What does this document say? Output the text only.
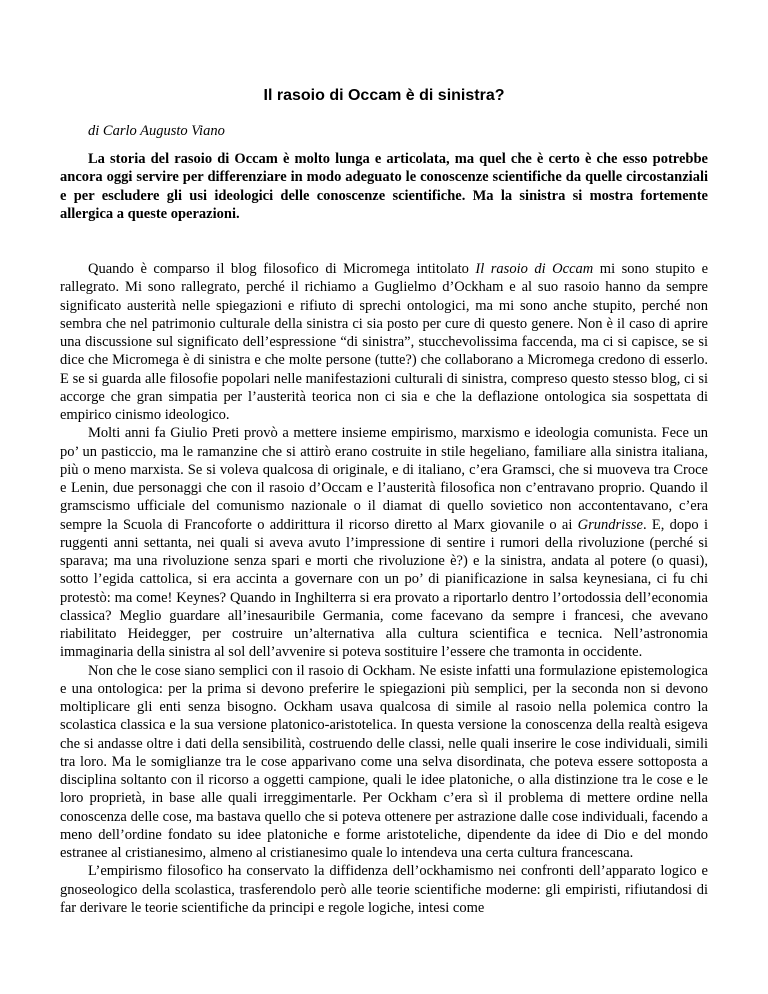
Il rasoio di Occam è di sinistra?
di Carlo Augusto Viano

La storia del rasoio di Occam è molto lunga e articolata, ma quel che è certo è che esso potrebbe ancora oggi servire per differenziare in modo adeguato le conoscenze scientifiche da quelle circostanziali e per escludere gli usi ideologici delle conoscenze scientifiche. Ma la sinistra si mostra fortemente allergica a queste operazioni.

Quando è comparso il blog filosofico di Micromega intitolato Il rasoio di Occam mi sono stupito e rallegrato. Mi sono rallegrato, perché il richiamo a Guglielmo d’Ockham e al suo rasoio hanno da sempre significato austerità nelle spiegazioni e rifiuto di sprechi ontologici, ma mi sono anche stupito, perché non sembra che nel patrimonio culturale della sinistra ci sia posto per cure di questo genere. Non è il caso di aprire una discussione sul significato dell’espressione “di sinistra”, stucchevolissima faccenda, ma ci si capisce, se si dice che Micromega è di sinistra e che molte persone (tutte?) che collaborano a Micromega credono di esserlo. E se si guarda alle filosofie popolari nelle manifestazioni culturali di sinistra, compreso questo stesso blog, ci si accorge che gran simpatia per l’austerità teorica non ci sia e che la deflazione ontologica sia sospettata di empirico cinismo ideologico.

Molti anni fa Giulio Preti provò a mettere insieme empirismo, marxismo e ideologia comunista. Fece un po’ un pasticcio, ma le ramanzine che si attirò erano costruite in stile hegeliano, familiare alla sinistra italiana, più o meno marxista. Se si voleva qualcosa di originale, e di italiano, c’era Gramsci, che si muoveva tra Croce e Lenin, due personaggi che con il rasoio d’Occam e l’austerità filosofica non c’entravano proprio. Quando il gramscismo ufficiale del comunismo nazionale o il diamat di quello sovietico non accontentavano, c’era sempre la Scuola di Francoforte o addirittura il ricorso diretto al Marx giovanile o ai Grundrisse. E, dopo i ruggenti anni settanta, nei quali si aveva avuto l’impressione di sentire i rumori della rivoluzione (perché si sparava; ma una rivoluzione senza spari e morti che rivoluzione è?) e la sinistra, andata al potere (o quasi), sotto l’egida cattolica, si era accinta a governare con un po’ di pianificazione in salsa keynesiana, ci fu chi protestò: ma come! Keynes? Quando in Inghilterra si era provato a riportarlo dentro l’ortodossia dell’economia classica? Meglio guardare all’inesauribile Germania, come facevano da sempre i francesi, che avevano riabilitato Heidegger, per costruire un’alternativa alla cultura scientifica e tecnica. Nell’astronomia immaginaria della sinistra al sol dell’avvenire si poteva sostituire l’essere che tramonta in occidente.

Non che le cose siano semplici con il rasoio di Ockham. Ne esiste infatti una formulazione epistemologica e una ontologica: per la prima si devono preferire le spiegazioni più semplici, per la seconda non si devono moltiplicare gli enti senza bisogno. Ockham usava qualcosa di simile al rasoio nella polemica contro la scolastica classica e la sua versione platonico-aristotelica. In questa versione la conoscenza della realtà esigeva che si andasse oltre i dati della sensibilità, costruendo delle classi, nelle quali inserire le cose individuali, simili tra loro. Ma le somiglianze tra le cose apparivano come una selva disordinata, che poteva essere sottoposta a disciplina soltanto con il ricorso a oggetti campione, quali le idee platoniche, o alla distinzione tra le cose e le loro proprietà, in base alle quali irreggimentarle. Per Ockham c’era sì il problema di mettere ordine nella conoscenza delle cose, ma bastava quello che si poteva ottenere per astrazione dalle cose individuali, facendo a meno dell’ordine fondato su idee platoniche e forme aristoteliche, dipendente da idee di Dio e del mondo estranee al cristianesimo, almeno al cristianesimo quale lo intendeva una certa cultura francescana.

L’empirismo filosofico ha conservato la diffidenza dell’ockhamismo nei confronti dell’apparato logico e gnoseologico della scolastica, trasferendolo però alle teorie scientifiche moderne: gli empiristi, rifiutandosi di far derivare le teorie scientifiche da principi e regole logiche, intesi come
